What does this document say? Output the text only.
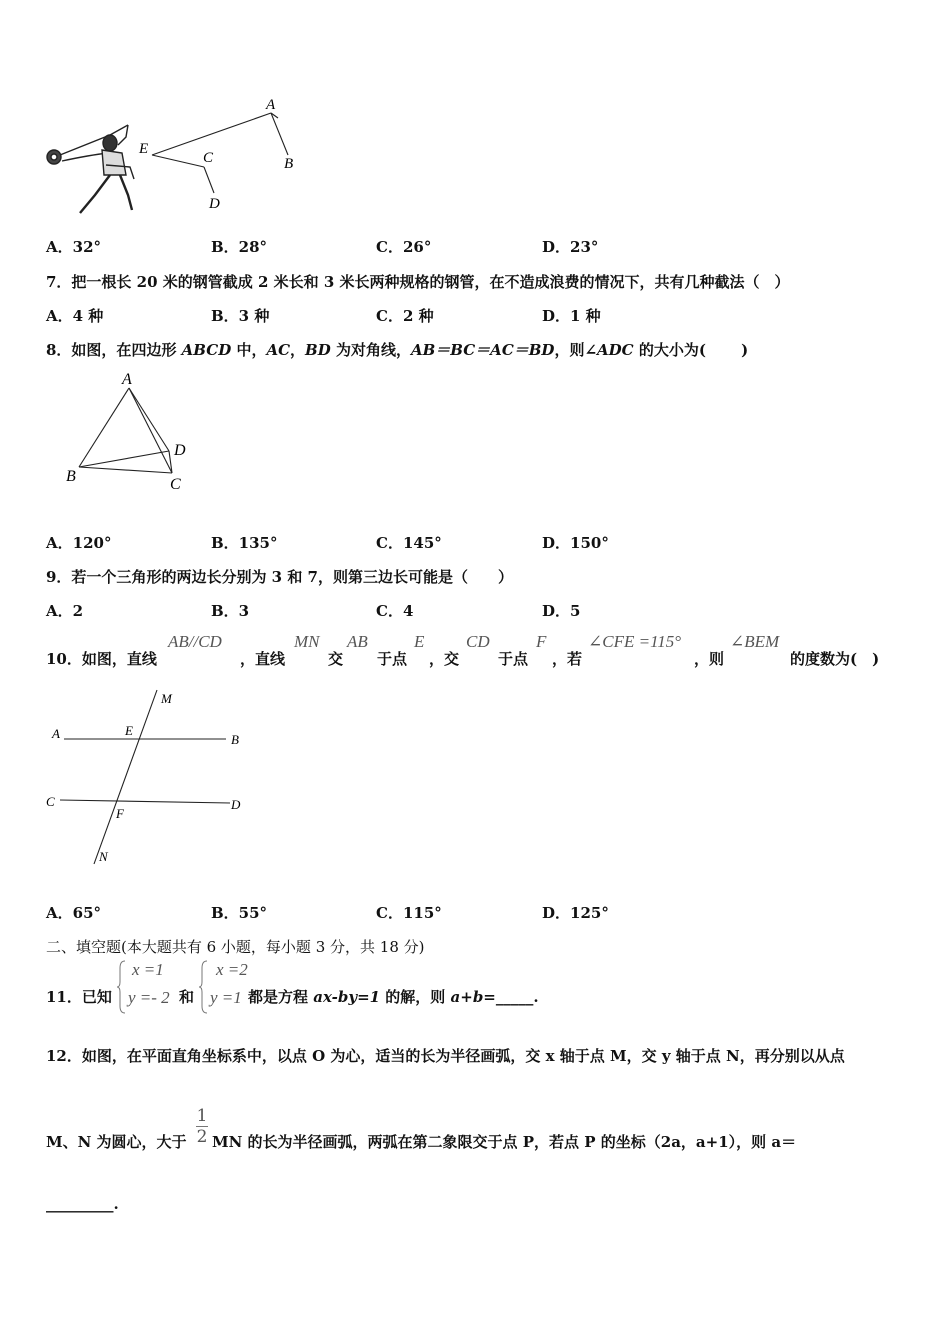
A
E
C	B
D
A．32°	B．28°	C．26°	D．23°
7．把一根长 20 米的钢管截成 2 米长和 3 米长两种规格的钢管，在不造成浪费的情况下，共有几种截法（　）
A．4 种	B．3 种	C．2 种	D．1 种
8．如图，在四边形 ABCD 中，AC，BD 为对角线，AB＝BC＝AC＝BD，则∠ADC 的大小为(　　 )
A
B	C
D
A．120°	B．135°	C．145°	D．150°
9．若一个三角形的两边长分别为 3 和 7，则第三边长可能是（　　）
A．2	B．3	C．4	D．5
10．如图，直线
AB//CD
，直线
MN
交
AB
于点
E
，交
CD
于点
F
，若
∠CFE =115°
，则
∠BEM
的度数为(　)
M
A	E
B
C
F
D
N
A．65°	B．55°	C．115°	D．125°
二、填空题(本大题共有 6 小题，每小题 3 分，共 18 分)
11．已知
x =1
y =- 2 和
x =2
y =1 都是方程 ax-by=1 的解，则 a+b=_____.
12．如图，在平面直角坐标系中，以点 O 为心，适当的长为半径画弧，交 x 轴于点 M，交 y 轴于点 N，再分别以从点
M、N 为圆心，大于
1
2 MN 的长为半径画弧，两弧在第二象限交于点 P，若点 P 的坐标（2a，a+1），则 a＝
_________.
